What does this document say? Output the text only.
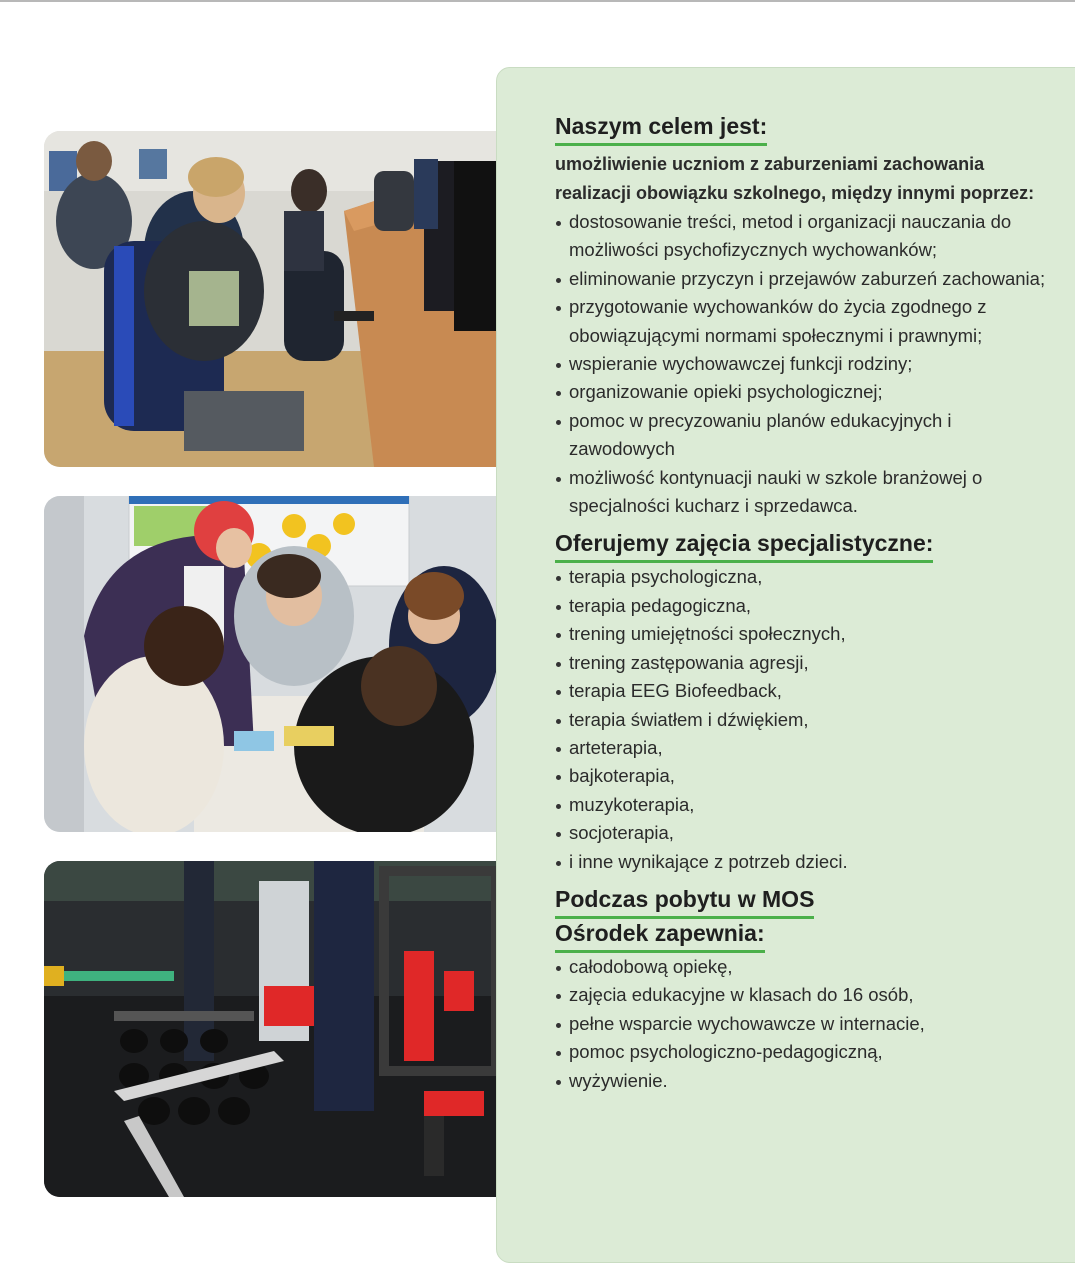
Naszym celem jest:

umożliwienie uczniom z zaburzeniami zachowania realizacji obowiązku szkolnego, między innymi poprzez:

dostosowanie treści, metod i organizacji nauczania do możliwości psychofizycznych wychowanków;
eliminowanie przyczyn i przejawów zaburzeń zachowania;
przygotowanie wychowanków do życia zgodnego z obowiązującymi normami społecznymi i prawnymi;
wspieranie wychowawczej funkcji rodziny;
organizowanie opieki psychologicznej;
pomoc w precyzowaniu planów edukacyjnych i zawodowych
możliwość kontynuacji nauki w szkole branżowej o specjalności kucharz i sprzedawca.
Oferujemy zajęcia specjalistyczne:
terapia psychologiczna,
terapia pedagogiczna,
trening umiejętności społecznych,
trening zastępowania agresji,
terapia EEG Biofeedback,
terapia światłem i dźwiękiem,
arteterapia,
bajkoterapia,
muzykoterapia,
socjoterapia,
i inne wynikające z potrzeb dzieci.
Podczas pobytu w MOS
Ośrodek zapewnia:
całodobową opiekę,
zajęcia edukacyjne w klasach do 16 osób,
pełne wsparcie wychowawcze w internacie,
pomoc psychologiczno-pedagogiczną,
wyżywienie.
